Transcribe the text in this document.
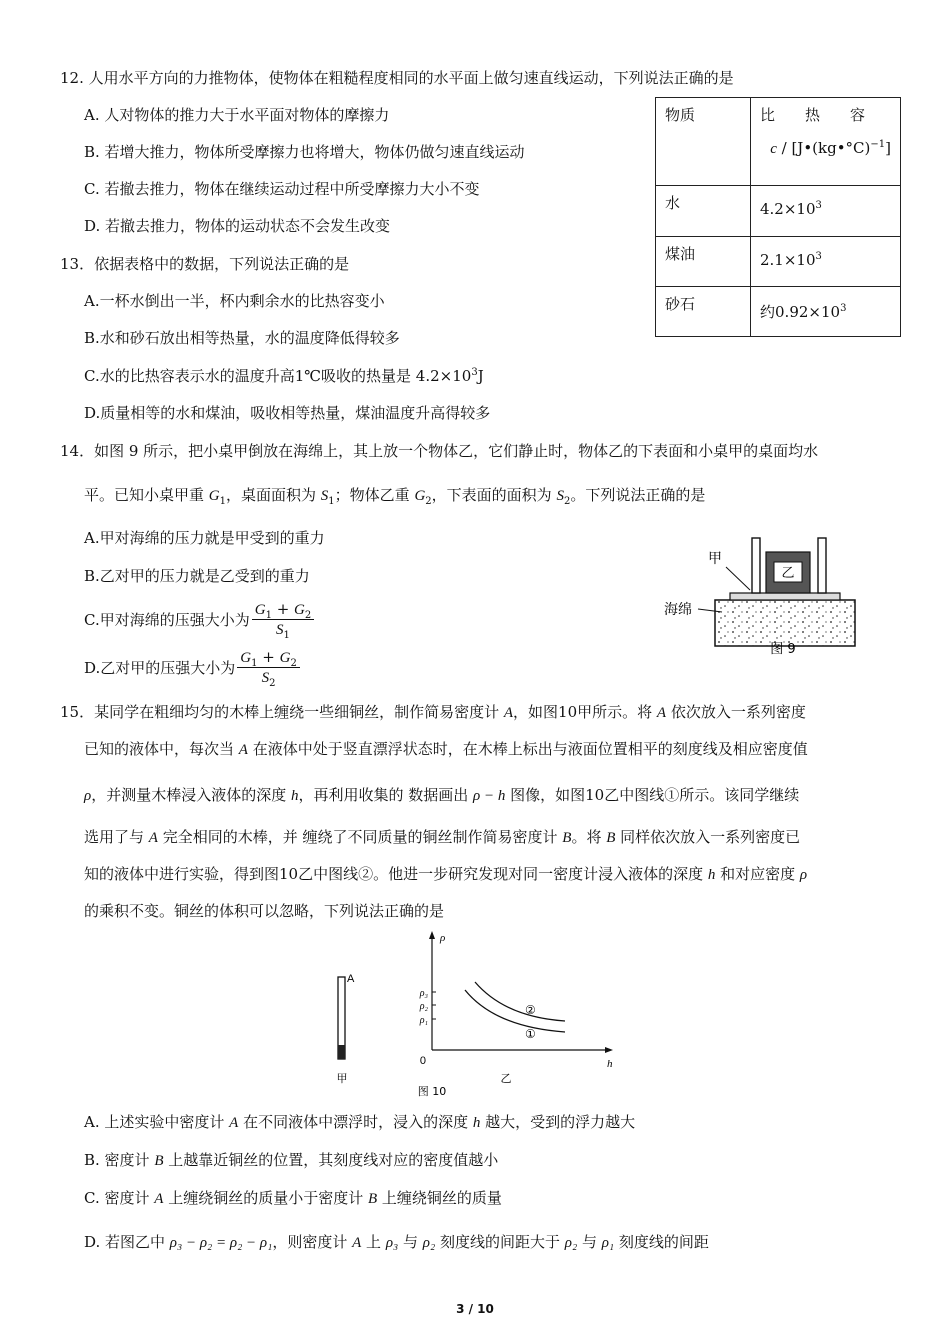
12. 人用水平方向的力推物体，使物体在粗糙程度相同的水平面上做匀速直线运动，下列说法正确的是
A. 人对物体的推力大于水平面对物体的摩擦力
B. 若增大推力，物体所受摩擦力也将增大，物体仍做匀速直线运动
C. 若撤去推力，物体在继续运动过程中所受摩擦力大小不变
D. 若撤去推力，物体的运动状态不会发生改变
物质	比　　热　　容
c / [J•(kg•°C)$^{-1}$]

水	$4.2\times 10^3$
煤油	$2.1\times 10^3$
砂石	约$0.92\times 10^3$
13．依据表格中的数据，下列说法正确的是
A.一杯水倒出一半，杯内剩余水的比热容变小
B.水和砂石放出相等热量，水的温度降低得较多
C.水的比热容表示水的温度升高1℃吸收的热量是 $4.2\times 10^3J$
D.质量相等的水和煤油，吸收相等热量，煤油温度升高得较多
14．如图 9 所示，把小桌甲倒放在海绵上，其上放一个物体乙，它们静止时，物体乙的下表面和小桌甲的桌面均水
平。已知小桌甲重 $G_1$，桌面面积为 $S_1$；物体乙重 $G_2$，下表面的面积为 $S_2$。下列说法正确的是
A.甲对海绵的压力就是甲受到的重力
B.乙对甲的压力就是乙受到的重力
C.甲对海绵的压强大小为 $\frac{G_1 + G_2}{S_1}$
D.乙对甲的压强大小为 $\frac{G_1 + G_2}{S_2}$
乙
甲
海绵
图 9
15．某同学在粗细均匀的木棒上缠绕一些细铜丝，制作简易密度计 A，如图10甲所示。将 A 依次放入一系列密度
已知的液体中，每次当 A 在液体中处于竖直漂浮状态时，在木棒上标出与液面位置相平的刻度线及相应密度值
ρ，并测量木棒浸入液体的深度 h，再利用收集的 数据画出 ρ − h 图像，如图10乙中图线①所示。该同学继续
选用了与 A 完全相同的木棒，并 缠绕了不同质量的铜丝制作简易密度计 B。将 B 同样依次放入一系列密度已
知的液体中进行实验，得到图10乙中图线②。他进一步研究发现对同一密度计浸入液体的深度 h 和对应密度 ρ
的乘积不变。铜丝的体积可以忽略，下列说法正确的是
A
甲
ρ
h
0
ρ₃
ρ₂
ρ₁
②
①
乙
图 10
A. 上述实验中密度计 A 在不同液体中漂浮时，浸入的深度 h 越大，受到的浮力越大
B. 密度计 B 上越靠近铜丝的位置，其刻度线对应的密度值越小
C. 密度计 A 上缠绕铜丝的质量小于密度计 B 上缠绕铜丝的质量
D. 若图乙中 ρ₃ − ρ₂ = ρ₂ − ρ₁，则密度计 A 上 ρ₃ 与 ρ₂ 刻度线的间距大于 ρ₂ 与 ρ₁ 刻度线的间距
3 / 10
